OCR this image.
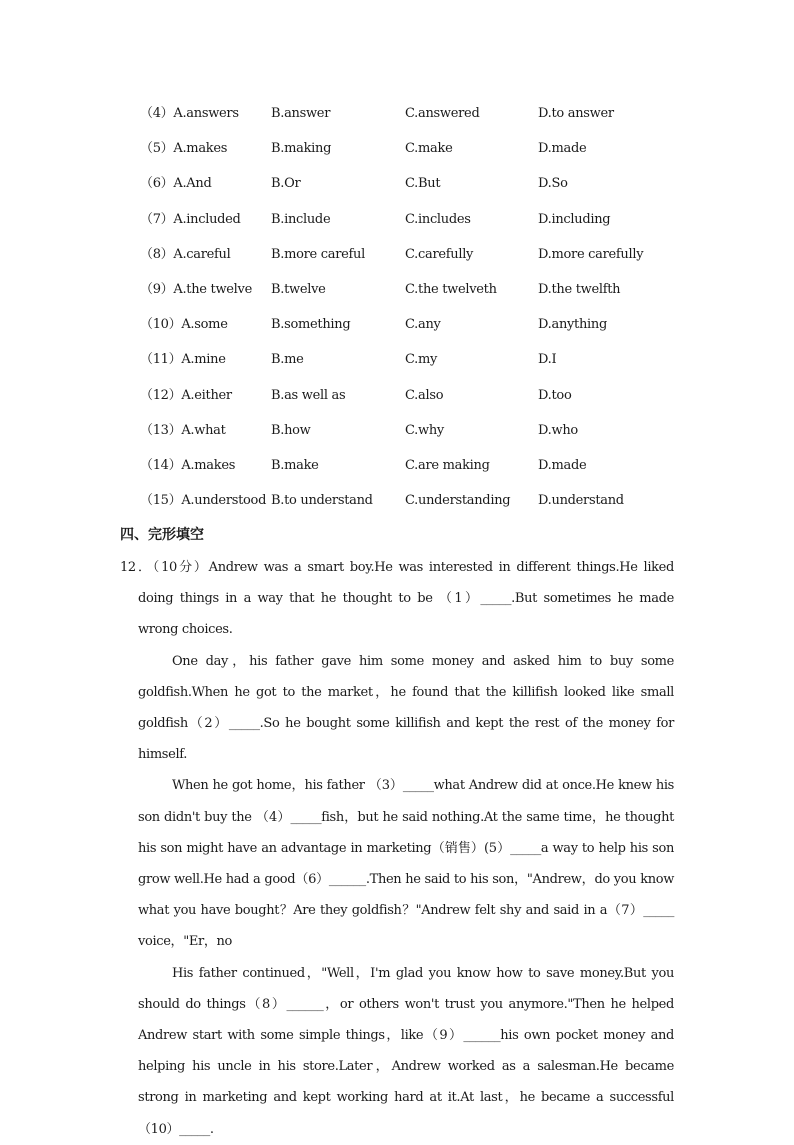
（4）A.answers B.answer	C.answered	D.to answer
（5）A.makes	B.making	C.make	D.made
（6）A.And	B.Or	C.But	D.So
（7）A.included B.include	C.includes	D.including
（8）A.careful	B.more careful	C.carefully	D.more carefully
（9）A.the twelve B.twelve	C.the twelveth	D.the twelfth
（10）A.some	B.something	C.any	D.anything
（11）A.mine	B.me	C.my	D.I
（12）A.either	B.as well as	C.also	D.too
（13）A.what	B.how	C.why	D.who
（14）A.makes	B.make	C.are making	D.made
（15）A.understood B.to understand C.understanding D.understand
四、完形填空

12．（10分）Andrew was a smart boy.He was interested in different things.He liked doing things in a way that he thought to be （1）_____.But sometimes he made wrong choices.

One day，his father gave him some money and asked him to buy some goldfish.When he got to the market，he found that the killifish looked like small goldfish（2）_____.So he bought some killifish and kept the rest of the money for himself.

When he got home，his father （3）_____what Andrew did at once.He knew his son didn't buy the （4）_____fish，but he said nothing.At the same time，he thought his son might have an advantage in marketing（销售）(5）_____a way to help his son grow well.He had a good（6）______.Then he said to his son，"Andrew，do you know what you have bought？Are they goldfish？"Andrew felt shy and said in a（7）_____ voice，"Er，no

His father continued，"Well，I'm glad you know how to save money.But you should do things（8）______，or others won't trust you anymore."Then he helped Andrew start with some simple things，like（9）______his own pocket money and helping his uncle in his store.Later，Andrew worked as a salesman.He became strong in marketing and kept working hard at it.At last，he became a successful （10）_____.
